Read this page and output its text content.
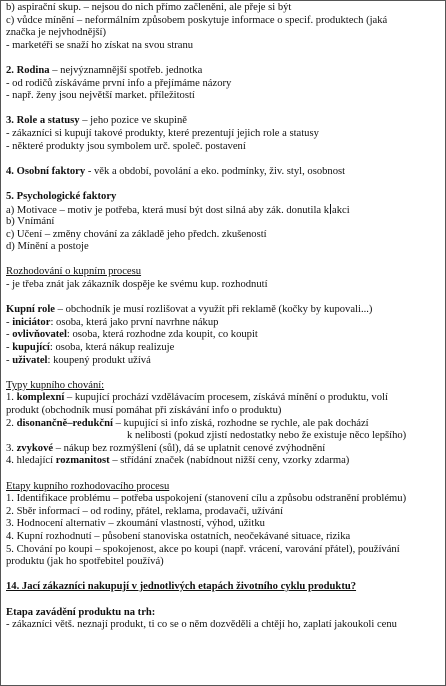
b) aspirační skup. – nejsou do nich přímo začleněni, ale přeje si být
c) vůdce mínění – neformálním způsobem poskytuje informace o specif. produktech (jaká
značka je nejvhodnější)
- marketéři se snaží ho získat na svou stranu
2. Rodina – nejvýznamnější spotřeb. jednotka
- od rodičů získáváme první info a přejímáme názory
- např. ženy jsou největší market. příležitostí
3. Role a statusy – jeho pozice ve skupině
- zákazníci si kupují takové produkty, které prezentují jejich role a statusy
- některé produkty jsou symbolem urč. společ. postavení
4. Osobní faktory - věk a období, povolání a eko. podmínky, živ. styl, osobnost
5. Psychologické faktory
a) Motivace – motiv je potřeba, která musí být dost silná aby zák. donutila k akci
b) Vnímání
c) Učení – změny chování za základě jeho předch. zkušeností
d) Mínění a postoje
Rozhodování o kupním procesu
- je třeba znát jak zákazník dospěje ke svému kup. rozhodnutí
Kupní role – obchodník je musí rozlišovat a využít při reklamě (kočky by kupovali...)
- iniciátor: osoba, která jako první navrhne nákup
- ovlivňovatel: osoba, která rozhodne zda koupit, co koupit
- kupující: osoba, která nákup realizuje
- uživatel: koupený produkt užívá
Typy kupního chování:
1. komplexní – kupující prochází vzdělávacím procesem, získává mínění o produktu, volí
produkt (obchodník musí pomáhat při získávání info o produktu)
2. disonančně–redukční – kupující si info získá, rozhodne se rychle, ale pak dochází
k nelibosti (pokud zjistí nedostatky nebo že existuje něco lepšího)
3. zvykové – nákup bez rozmýšlení (sůl), dá se uplatnit cenové zvýhodnění
4. hledající rozmanitost – střídání značek (nabídnout nižší ceny, vzorky zdarma)
Etapy kupního rozhodovacího procesu
1. Identifikace problému – potřeba uspokojení (stanovení cílu a způsobu odstranění problému)
2. Sběr informací – od rodiny, přátel, reklama, prodavači, užívání
3. Hodnocení alternativ – zkoumání vlastností, výhod, užitku
4. Kupní rozhodnutí – působení stanoviska ostatních, neočekávané situace, rizika
5. Chování po koupi – spokojenost, akce po koupi (např. vrácení, varování přátel), používání
produktu (jak ho spotřebitel používá)
14. Jací zákazníci nakupují v jednotlivých etapách životního cyklu produktu?
Etapa zavádění produktu na trh:
- zákazníci větš. neznají produkt, ti co se o něm dozvěděli a chtějí ho, zaplatí jakoukoli cenu
